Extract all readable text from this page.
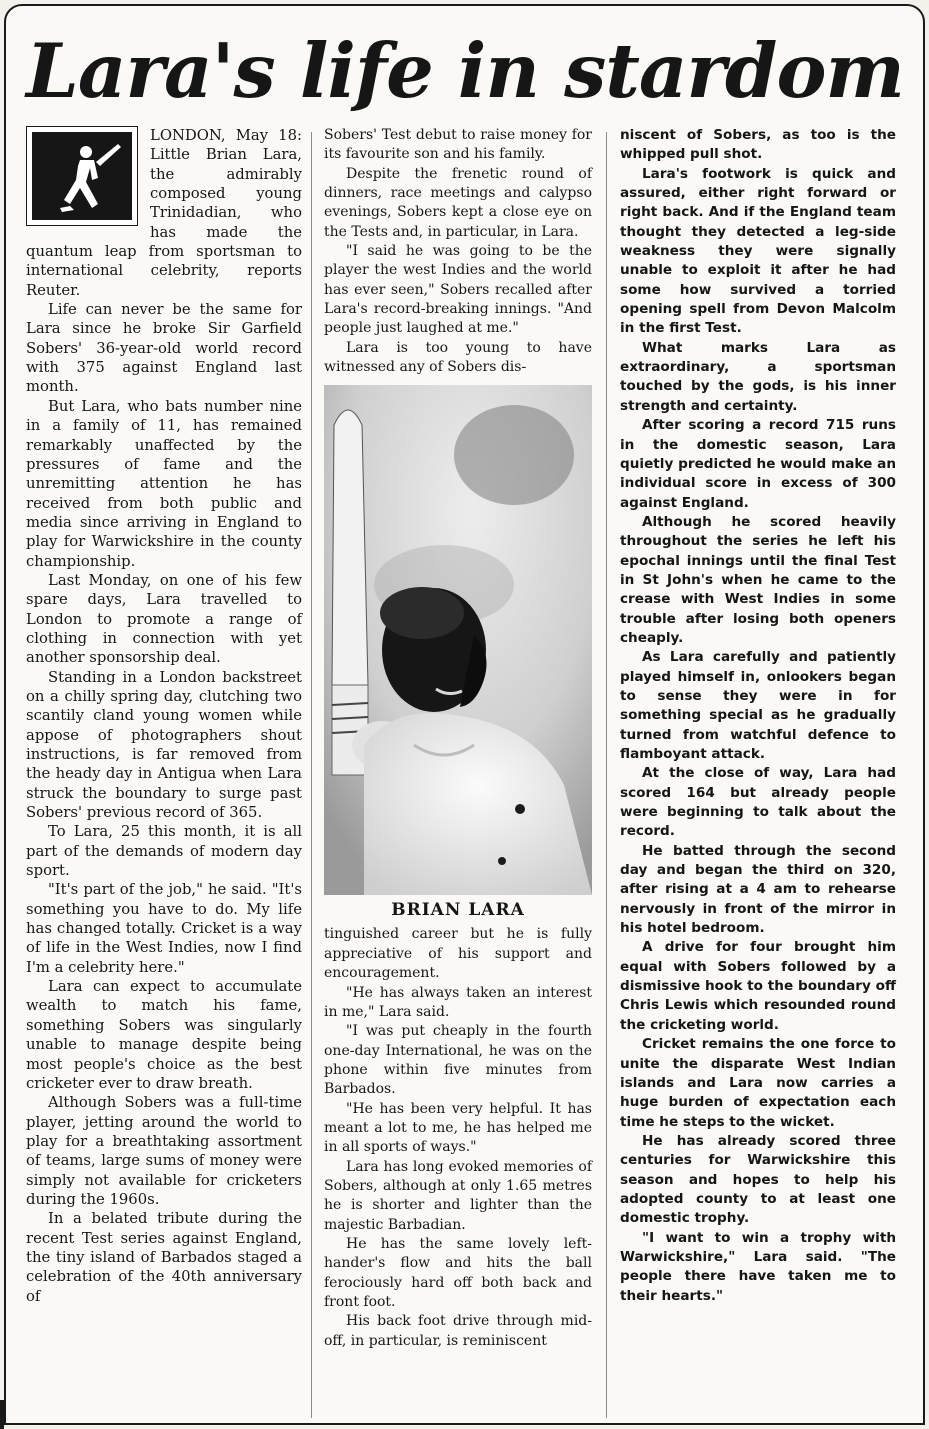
Lara's life in stardom

LONDON, May 18: Little Brian Lara, the admirably composed young Trinidadian, who has made the quantum leap from sportsman to international celebrity, reports Reuter.

Life can never be the same for Lara since he broke Sir Garfield Sobers' 36-year-old world record with 375 against England last month.

But Lara, who bats number nine in a family of 11, has remained remarkably unaffected by the pressures of fame and the unremitting attention he has received from both public and media since arriving in England to play for Warwickshire in the county championship.

Last Monday, on one of his few spare days, Lara travelled to London to promote a range of clothing in connection with yet another sponsorship deal.

Standing in a London backstreet on a chilly spring day, clutching two scantily cland young women while appose of photographers shout instructions, is far removed from the heady day in Antigua when Lara struck the boundary to surge past Sobers' previous record of 365.

To Lara, 25 this month, it is all part of the demands of modern day sport.

"It's part of the job," he said. "It's something you have to do. My life has changed totally. Cricket is a way of life in the West Indies, now I find I'm a celebrity here."

Lara can expect to accumulate wealth to match his fame, something Sobers was singularly unable to manage despite being most people's choice as the best cricketer ever to draw breath.

Although Sobers was a full-time player, jetting around the world to play for a breathtaking assortment of teams, large sums of money were simply not available for cricketers during the 1960s.

In a belated tribute during the recent Test series against England, the tiny island of Barbados staged a celebration of the 40th anniversary of

Sobers' Test debut to raise money for its favourite son and his family.

Despite the frenetic round of dinners, race meetings and calypso evenings, Sobers kept a close eye on the Tests and, in particular, in Lara.

"I said he was going to be the player the west Indies and the world has ever seen," Sobers recalled after Lara's record-breaking innings. "And people just laughed at me."

Lara is too young to have witnessed any of Sobers dis-

BRIAN LARA

tinguished career but he is fully appreciative of his support and encouragement.

"He has always taken an interest in me," Lara said.

"I was put cheaply in the fourth one-day International, he was on the phone within five minutes from Barbados.

"He has been very helpful. It has meant a lot to me, he has helped me in all sports of ways."

Lara has long evoked memories of Sobers, although at only 1.65 metres he is shorter and lighter than the majestic Barbadian.

He has the same lovely left-hander's flow and hits the ball ferociously hard off both back and front foot.

His back foot drive through mid-off, in particular, is reminiscent

niscent of Sobers, as too is the whipped pull shot.

Lara's footwork is quick and assured, either right forward or right back. And if the England team thought they detected a leg-side weakness they were signally unable to exploit it after he had some how survived a torried opening spell from Devon Malcolm in the first Test.

What marks Lara as extraordinary, a sportsman touched by the gods, is his inner strength and certainty.

After scoring a record 715 runs in the domestic season, Lara quietly predicted he would make an individual score in excess of 300 against England.

Although he scored heavily throughout the series he left his epochal innings until the final Test in St John's when he came to the crease with West Indies in some trouble after losing both openers cheaply.

As Lara carefully and patiently played himself in, onlookers began to sense they were in for something special as he gradually turned from watchful defence to flamboyant attack.

At the close of way, Lara had scored 164 but already people were beginning to talk about the record.

He batted through the second day and began the third on 320, after rising at a 4 am to rehearse nervously in front of the mirror in his hotel bedroom.

A drive for four brought him equal with Sobers followed by a dismissive hook to the boundary off Chris Lewis which resounded round the cricketing world.

Cricket remains the one force to unite the disparate West Indian islands and Lara now carries a huge burden of expectation each time he steps to the wicket.

He has already scored three centuries for Warwickshire this season and hopes to help his adopted county to at least one domestic trophy.

"I want to win a trophy with Warwickshire," Lara said. "The people there have taken me to their hearts."
